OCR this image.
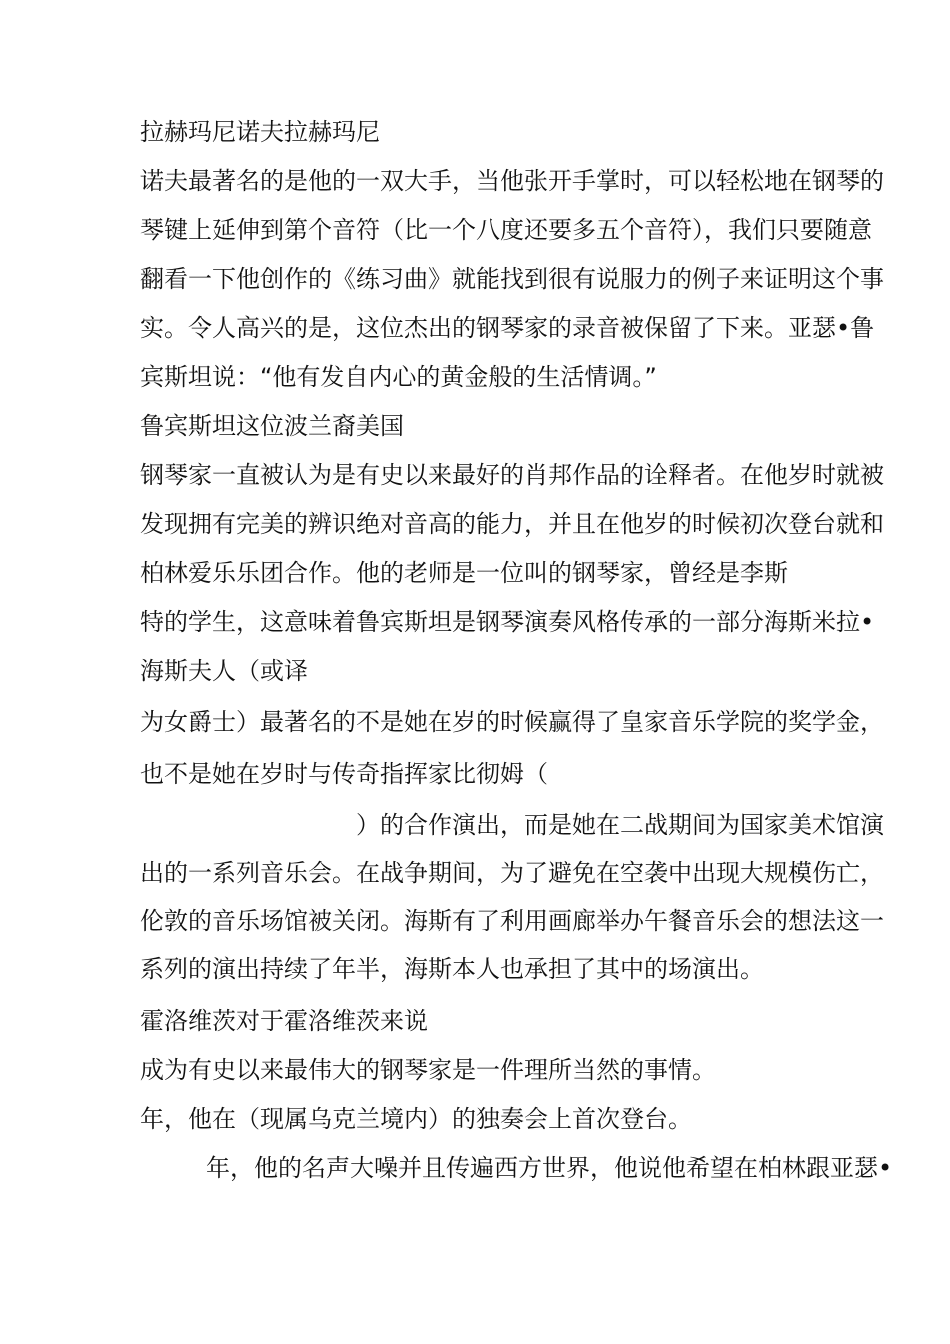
拉赫玛尼诺夫拉赫玛尼
诺夫最著名的是他的一双大手，当他张开手掌时，可以轻松地在钢琴的
琴键上延伸到第个音符（比一个八度还要多五个音符），我们只要随意
翻看一下他创作的《练习曲》就能找到很有说服力的例子来证明这个事
实。令人高兴的是，这位杰出的钢琴家的录音被保留了下来。亚瑟•鲁
宾斯坦说：“他有发自内心的黄金般的生活情调。”
鲁宾斯坦这位波兰裔美国
钢琴家一直被认为是有史以来最好的肖邦作品的诠释者。在他岁时就被
发现拥有完美的辨识绝对音高的能力，并且在他岁的时候初次登台就和
柏林爱乐乐团合作。他的老师是一位叫的钢琴家，曾经是李斯
特的学生，这意味着鲁宾斯坦是钢琴演奏风格传承的一部分海斯米拉•
海斯夫人（或译
为女爵士）最著名的不是她在岁的时候赢得了皇家音乐学院的奖学金，
也不是她在岁时与传奇指挥家比彻姆（
）的合作演出，而是她在二战期间为国家美术馆演
出的一系列音乐会。在战争期间，为了避免在空袭中出现大规模伤亡，
伦敦的音乐场馆被关闭。海斯有了利用画廊举办午餐音乐会的想法这一
系列的演出持续了年半，海斯本人也承担了其中的场演出。
霍洛维茨对于霍洛维茨来说
成为有史以来最伟大的钢琴家是一件理所当然的事情。
年，他在（现属乌克兰境内）的独奏会上首次登台。
年，他的名声大噪并且传遍西方世界，他说他希望在柏林跟亚瑟•
